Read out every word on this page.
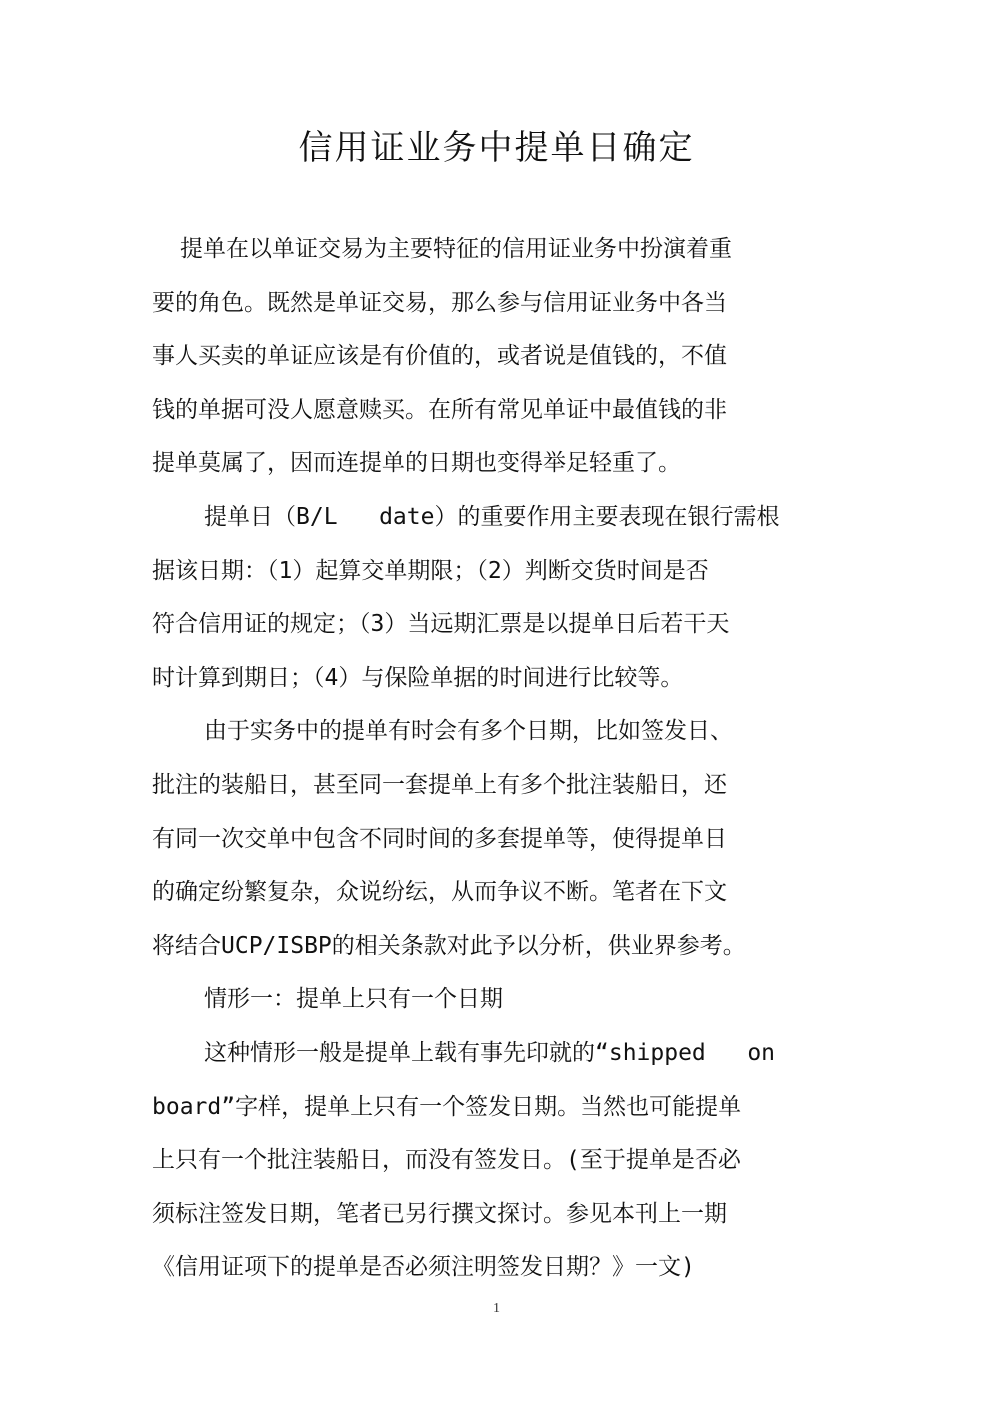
信用证业务中提单日确定
提单在以单证交易为主要特征的信用证业务中扮演着重
要的角色。既然是单证交易，那么参与信用证业务中各当
事人买卖的单证应该是有价值的，或者说是值钱的，不值
钱的单据可没人愿意赎买。在所有常见单证中最值钱的非
提单莫属了，因而连提单的日期也变得举足轻重了。
提单日（B/L   date）的重要作用主要表现在银行需根
据该日期：（1）起算交单期限；（2）判断交货时间是否
符合信用证的规定；（3）当远期汇票是以提单日后若干天
时计算到期日；（4）与保险单据的时间进行比较等。
由于实务中的提单有时会有多个日期，比如签发日、
批注的装船日，甚至同一套提单上有多个批注装船日，还
有同一次交单中包含不同时间的多套提单等，使得提单日
的确定纷繁复杂，众说纷纭，从而争议不断。笔者在下文
将结合UCP/ISBP的相关条款对此予以分析，供业界参考。
情形一：提单上只有一个日期
这种情形一般是提单上载有事先印就的“shipped   on
board”字样，提单上只有一个签发日期。当然也可能提单
上只有一个批注装船日，而没有签发日。(至于提单是否必
须标注签发日期，笔者已另行撰文探讨。参见本刊上一期
《信用证项下的提单是否必须注明签发日期？》一文)
1
